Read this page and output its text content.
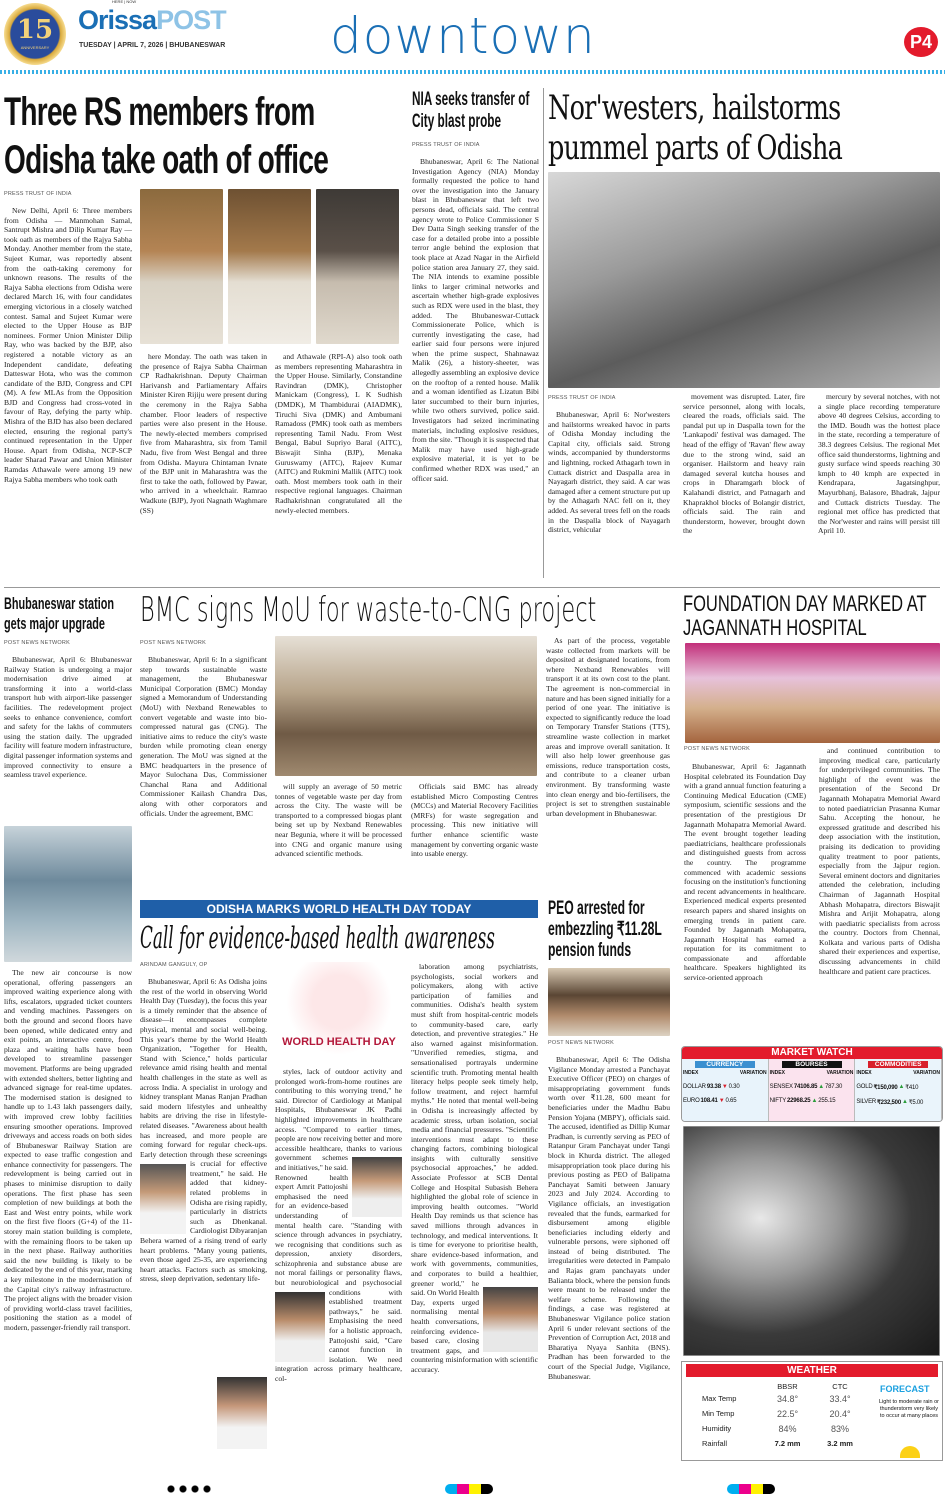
15
ANNIVERSARY
HERE | NOW
OrissaPOST
TUESDAY | APRIL 7, 2026 | BHUBANESWAR downtown	P4
Three RS members from Odisha take oath of office
PRESS TRUST OF INDIA

New Delhi, April 6: Three members from Odisha — Manmohan Samal, Santrupt Mishra and Dilip Kumar Ray — took oath as members of the Rajya Sabha Monday. Another member from the state, Sujeet Kumar, was reportedly absent from the oath-taking ceremony for unknown reasons. The results of the Rajya Sabha elections from Odisha were declared March 16, with four candidates emerging victorious in a closely watched contest. Samal and Sujeet Kumar were elected to the Upper House as BJP nominees. Former Union Minister Dilip Ray, who was backed by the BJP, also registered a notable victory as an Independent candidate, defeating Datteswar Hota, who was the common candidate of the BJD, Congress and CPI (M). A few MLAs from the Opposition BJD and Congress had cross-voted in favour of Ray, defying the party whip. Mishra of the BJD has also been declared elected, ensuring the regional party's continued representation in the Upper House. Apart from Odisha, NCP-SCP leader Sharad Pawar and Union Minister Ramdas Athawale were among 19 new Rajya Sabha members who took oath

here Monday. The oath was taken in the presence of Rajya Sabha Chairman CP Radhakrishnan. Deputy Chairman Harivansh and Parliamentary Affairs Minister Kiren Rijiju were present during the ceremony in the Rajya Sabha chamber. Floor leaders of respective parties were also present in the House. The newly-elected members comprised five from Maharashtra, six from Tamil Nadu, five from West Bengal and three from Odisha. Mayura Chintaman Ivnate of the BJP unit in Maharashtra was the first to take the oath, followed by Pawar, who arrived in a wheelchair. Ramrao Wadkute (BJP), Jyoti Nagnath Waghmare (SS)

and Athawale (RPI-A) also took oath as members representing Maharashtra in the Upper House. Similarly, Constandine Ravindran (DMK), Christopher Manickam (Congress), L K Sudhish (DMDK), M Thambidurai (AIADMK), Tiruchi Siva (DMK) and Ambumani Ramadoss (PMK) took oath as members representing Tamil Nadu. From West Bengal, Babul Supriyo Baral (AITC), Biswajit Sinha (BJP), Menaka Guruswamy (AITC), Rajeev Kumar (AITC) and Rukmini Mallik (AITC) took oath. Most members took oath in their respective regional languages. Chairman Radhakrishnan congratulated all the newly-elected members.

NIA seeks transfer of City blast probe
PRESS TRUST OF INDIA

Bhubaneswar, April 6: The National Investigation Agency (NIA) Monday formally requested the police to hand over the investigation into the January blast in Bhubaneswar that left two persons dead, officials said. The central agency wrote to Police Commissioner S Dev Datta Singh seeking transfer of the case for a detailed probe into a possible terror angle behind the explosion that took place at Azad Nagar in the Airfield police station area January 27, they said. The NIA intends to examine possible links to larger criminal networks and ascertain whether high-grade explosives such as RDX were used in the blast, they added. The Bhubaneswar-Cuttack Commissionerate Police, which is currently investigating the case, had earlier said four persons were injured when the prime suspect, Shahnawaz Malik (26), a history-sheeter, was allegedly assembling an explosive device on the rooftop of a rented house. Malik and a woman identified as Lizatun Bibi later succumbed to their burn injuries, while two others survived, police said. Investigators had seized incriminating materials, including explosive residues, from the site. "Though it is suspected that Malik may have used high-grade explosive material, it is yet to be confirmed whether RDX was used," an officer said.

Nor'westers, hailstorms pummel parts of Odisha
PRESS TRUST OF INDIA

Bhubaneswar, April 6: Nor'westers and hailstorms wreaked havoc in parts of Odisha Monday including the Capital city, officials said. Strong winds, accompanied by thunderstorms and lightning, rocked Athagarh town in Cuttack district and Daspalla area in Nayagarh district, they said. A car was damaged after a cement structure put up by the Athagarh NAC fell on it, they added. As several trees fell on the roads in the Daspalla block of Nayagarh district, vehicular

movement was disrupted. Later, fire service personnel, along with locals, cleared the roads, officials said. The pandal put up in Daspalla town for the 'Lankapodi' festival was damaged. The head of the effigy of 'Ravan' flew away due to the strong wind, said an organiser. Hailstorm and heavy rain damaged several kutcha houses and crops in Dharamgarh block of Kalahandi district, and Patnagarh and Khaprakhol blocks of Bolangir district, officials said. The rain and thunderstorm, however, brought down the

mercury by several notches, with not a single place recording temperature above 40 degrees Celsius, according to the IMD. Boudh was the hottest place in the state, recording a temperature of 38.3 degrees Celsius. The regional Met office said thunderstorms, lightning and gusty surface wind speeds reaching 30 kmph to 40 kmph are expected in Kendrapara, Jagatsinghpur, Mayurbhanj, Balasore, Bhadrak, Jajpur and Cuttack districts Tuesday. The regional met office has predicted that the Nor'wester and rains will persist till April 10.

Bhubaneswar station gets major upgrade
POST NEWS NETWORK

Bhubaneswar, April 6: Bhubaneswar Railway Station is undergoing a major modernisation drive aimed at transforming it into a world-class transport hub with airport-like passenger facilities. The redevelopment project seeks to enhance convenience, comfort and safety for the lakhs of commuters using the station daily. The upgraded facility will feature modern infrastructure, digital passenger information systems and improved connectivity to ensure a seamless travel experience.

The new air concourse is now operational, offering passengers an improved waiting experience along with lifts, escalators, upgraded ticket counters and vending machines. Passengers on both the ground and second floors have been opened, while dedicated entry and exit points, an interactive centre, food plaza and waiting halls have been developed to streamline passenger movement. Platforms are being upgraded with extended shelters, better lighting and advanced signage for real-time updates. The modernised station is designed to handle up to 1.43 lakh passengers daily, with improved crew lobby facilities ensuring smoother operations. Improved driveways and access roads on both sides of Bhubaneswar Railway Station are expected to ease traffic congestion and enhance connectivity for passengers. The redevelopment is being carried out in phases to minimise disruption to daily operations. The first phase has seen completion of new buildings at both the East and West entry points, while work on the first five floors (G+4) of the 11-storey main station building is complete, with the remaining floors to be taken up in the next phase. Railway authorities said the new building is likely to be dedicated by the end of this year, marking a key milestone in the modernisation of the Capital city's railway infrastructure. The project aligns with the broader vision of providing world-class travel facilities, positioning the station as a model of modern, passenger-friendly rail transport.

BMC signs MoU for waste-to-CNG project
POST NEWS NETWORK

Bhubaneswar, April 6: In a significant step towards sustainable waste management, the Bhubaneswar Municipal Corporation (BMC) Monday signed a Memorandum of Understanding (MoU) with Nexband Renewables to convert vegetable and waste into bio-compressed natural gas (CNG). The initiative aims to reduce the city's waste burden while promoting clean energy generation. The MoU was signed at the BMC headquarters in the presence of Mayor Sulochana Das, Commissioner Chanchal Rana and Additional Commissioner Kailash Chandra Das, along with other corporators and officials. Under the agreement, BMC

will supply an average of 50 metric tonnes of vegetable waste per day from across the City. The waste will be transported to a compressed biogas plant being set up by Nexband Renewables near Begunia, where it will be processed into CNG and organic manure using advanced scientific methods.

Officials said BMC has already established Micro Composting Centres (MCCs) and Material Recovery Facilities (MRFs) for waste segregation and processing. This new initiative will further enhance scientific waste management by converting organic waste into usable energy.

As part of the process, vegetable waste collected from markets will be deposited at designated locations, from where Nexband Renewables will transport it at its own cost to the plant. The agreement is non-commercial in nature and has been signed initially for a period of one year. The initiative is expected to significantly reduce the load on Temporary Transfer Stations (TTS), streamline waste collection in market areas and improve overall sanitation. It will also help lower greenhouse gas emissions, reduce transportation costs, and contribute to a cleaner urban environment. By transforming waste into clean energy and bio-fertilisers, the project is set to strengthen sustainable urban development in Bhubaneswar.

FOUNDATION DAY MARKED AT JAGANNATH HOSPITAL
POST NEWS NETWORK

Bhubaneswar, April 6: Jagannath Hospital celebrated its Foundation Day with a grand annual function featuring a Continuing Medical Education (CME) symposium, scientific sessions and the presentation of the prestigious Dr Jagannath Mohapatra Memorial Award. The event brought together leading paediatricians, healthcare professionals and distinguished guests from across the country. The programme commenced with academic sessions focusing on the institution's functioning and recent advancements in healthcare. Experienced medical experts presented research papers and shared insights on emerging trends in patient care. Founded by Jagannath Mohapatra, Jagannath Hospital has earned a reputation for its commitment to compassionate and affordable healthcare. Speakers highlighted its service-oriented approach

and continued contribution to improving medical care, particularly for underprivileged communities. The highlight of the event was the presentation of the Second Dr Jagannath Mohapatra Memorial Award to noted paediatrician Prasanna Kumar Sahu. Accepting the honour, he expressed gratitude and described his deep association with the institution, praising its dedication to providing quality treatment to poor patients, especially from the Jajpur region. Several eminent doctors and dignitaries attended the celebration, including Chairman of Jagannath Hospital Abhash Mohapatra, directors Biswajit Mishra and Arijit Mohapatra, along with paediatric specialists from across the country. Doctors from Chennai, Kolkata and various parts of Odisha shared their experiences and expertise, discussing advancements in child healthcare and patient care practices.

ODISHA MARKS WORLD HEALTH DAY TODAY
Call for evidence-based health awareness
ARINDAM GANGULY, OP

Bhubaneswar, April 6: As Odisha joins the rest of the world in observing World Health Day (Tuesday), the focus this year is a timely reminder that the absence of disease—it encompasses complete physical, mental and social well-being. This year's theme by the World Health Organization, "Together for Health, Stand with Science," holds particular relevance amid rising health and mental health challenges in the state as well as across India. A specialist in urology and kidney transplant Manas Ranjan Pradhan said modern lifestyles and unhealthy habits are driving the rise in lifestyle-related diseases. "Awareness about health has increased, and more people are coming forward for regular check-ups. Early detection through these screenings is crucial for effective treatment," he said. He added that kidney-related problems in Odisha are rising rapidly, particularly in districts such as Dhenkanal. Cardiologist Dibyaranjan Behera warned of a rising trend of early heart problems. "Many young patients, even those aged 25-35, are experiencing heart attacks. Factors such as smoking, stress, sleep deprivation, sedentary life-

WORLD HEALTH DAY

styles, lack of outdoor activity and prolonged work-from-home routines are contributing to this worrying trend," he said. Director of Cardiology at Manipal Hospitals, Bhubaneswar JK Padhi highlighted improvements in healthcare access. "Compared to earlier times, people are now receiving better and more accessible healthcare, thanks to various government schemes and initiatives," he said. Renowned health expert Amrit Pattojoshi emphasised the need for an evidence-based understanding of mental health care. "Standing with science through advances in psychiatry, we recognising that conditions such as depression, anxiety disorders, schizophrenia and substance abuse are not moral failings or personality flaws, but neurobiological and psychosocial conditions with established treatment pathways," he said. Emphasising the need for a holistic approach, Pattojoshi said, "Care cannot function in isolation. We need integration across primary healthcare, col-

laboration among psychiatrists, psychologists, social workers and policymakers, along with active participation of families and communities. Odisha's health system must shift from hospital-centric models to community-based care, early detection, and preventive strategies." He also warned against misinformation. "Unverified remedies, stigma, and sensationalised portrayals undermine scientific truth. Promoting mental health literacy helps people seek timely help, follow treatment, and reject harmful myths." He noted that mental well-being in Odisha is increasingly affected by academic stress, urban isolation, social media and financial pressures. "Scientific interventions must adapt to these changing factors, combining biological insights with culturally sensitive psychosocial approaches," he added. Associate Professor at SCB Dental College and Hospital Subasish Behera highlighted the global role of science in improving health outcomes. "World Health Day reminds us that science has saved millions through advances in technology, and medical interventions. It is time for everyone to prioritise health, share evidence-based information, and work with governments, communities, and corporates to build a healthier, greener world," he said. On World Health Day, experts urged normalising mental health conversations, reinforcing evidence-based care, closing treatment gaps, and countering misinformation with scientific accuracy.

PEO arrested for embezzling ₹11.28L pension funds
POST NEWS NETWORK

Bhubaneswar, April 6: The Odisha Vigilance Monday arrested a Panchayat Executive Officer (PEO) on charges of misappropriating government funds worth over ₹11.28, 600 meant for beneficiaries under the Madhu Babu Pension Yojana (MBPY), officials said. The accused, identified as Dillip Kumar Pradhan, is currently serving as PEO of Ratanpur Gram Panchayat under Tangi block in Khurda district. The alleged misappropriation took place during his previous posting as PEO of Balipatna Panchayat Samiti between January 2023 and July 2024. According to Vigilance officials, an investigation revealed that the funds, earmarked for disbursement among eligible beneficiaries including elderly and vulnerable persons, were siphoned off instead of being distributed. The irregularities were detected in Pampalo and Rajas gram panchayats under Balianta block, where the pension funds were meant to be released under the welfare scheme. Following the findings, a case was registered at Bhubaneswar Vigilance police station April 6 under relevant sections of the Prevention of Corruption Act, 2018 and Bharatiya Nyaya Sanhita (BNS). Pradhan has been forwarded to the court of the Special Judge, Vigilance, Bhubaneswar.

MARKET WATCH
CURRENCY
INDEX	VARIATION
DOLLAR 93.38 ▼ 0.30
EURO 108.41 ▼ 0.65
BOURSES
INDEX	VARIATION
SENSEX 74106.85 ▲ 787.30
NIFTY 22968.25 ▲ 255.15
COMMODITIES
INDEX	VARIATION
GOLD ₹150,090 ▲ ₹410
SILVER ₹232,500 ▲ ₹5.00
WEATHER
	BBSR	CTC
Max Temp	34.8°	33.4°
Min Temp	22.5°	20.4°
Humidity	84%	83%
Rainfall	7.2 mm	3.2 mm
FORECAST
Light to moderate rain or thunderstorm very likely to occur at many places
